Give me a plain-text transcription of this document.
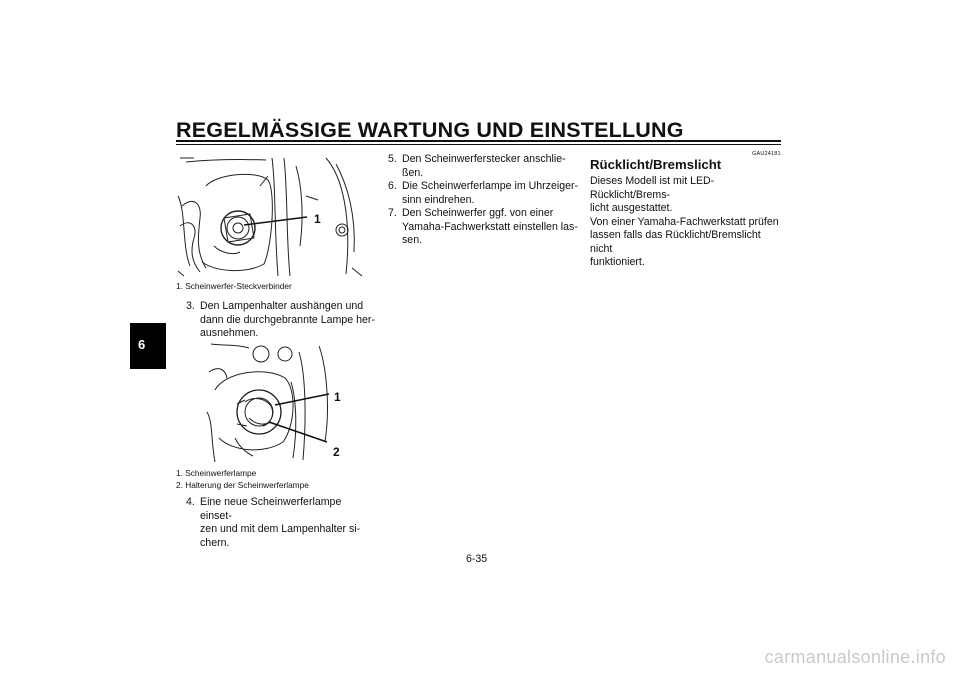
REGELMÄSSIGE WARTUNG UND EINSTELLUNG
6
1
1. Scheinwerfer-Steckverbinder
3. Den Lampenhalter aushängen und
dann die durchgebrannte Lampe her-
ausnehmen.
1
2
1. Scheinwerferlampe
2. Halterung der Scheinwerferlampe
4. Eine neue Scheinwerferlampe einset-
zen und mit dem Lampenhalter si-
chern.
5. Den Scheinwerferstecker anschlie-
ßen.
6. Die Scheinwerferlampe im Uhrzeiger-
sinn eindrehen.
7. Den Scheinwerfer ggf. von einer
Yamaha-Fachwerkstatt einstellen las-
sen.
GAU24181
Rücklicht/Bremslicht

Dieses Modell ist mit LED-Rücklicht/Brems-

licht ausgestattet.

Von einer Yamaha-Fachwerkstatt prüfen

lassen falls das Rücklicht/Bremslicht nicht

funktioniert.

6-35
carmanualsonline.info
